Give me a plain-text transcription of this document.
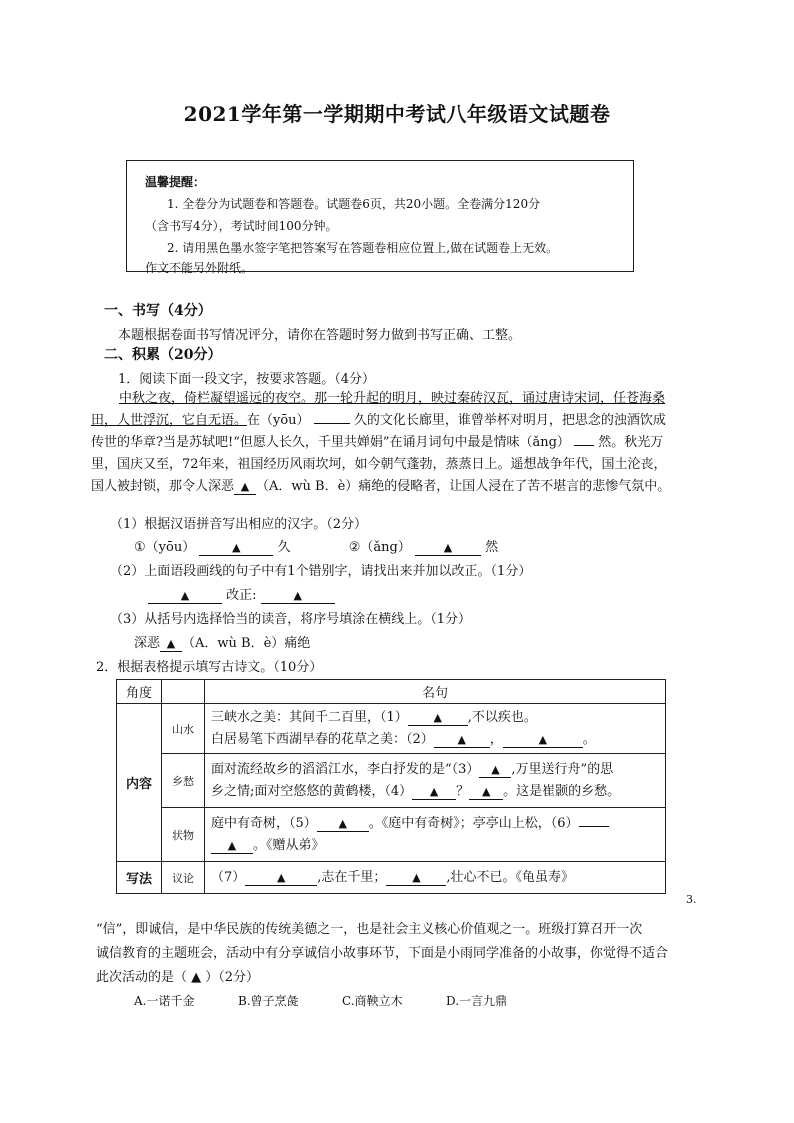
2021学年第一学期期中考试八年级语文试题卷
温馨提醒：
1. 全卷分为试题卷和答题卷。试题卷6页，共20小题。全卷满分120分
（含书写4分），考试时间100分钟。
2. 请用黑色墨水签字笔把答案写在答题卷相应位置上,做在试题卷上无效。
作文不能另外附纸。
一、书写（4分）
本题根据卷面书写情况评分，请你在答题时努力做到书写正确、工整。
二、积累（20分）
1．阅读下面一段文字，按要求答题。（4分）

中秋之夜，倚栏凝望遥远的夜空。那一轮升起的明月，映过秦砖汉瓦，诵过唐诗宋词，任苍海桑

田，人世浮沉，它自无语。在（yōu）	久的文化长廊里，谁曾举杯对明月，把思念的浊酒饮成

传世的华章?当是苏轼吧!“但愿人长久，千里共婵娟”在诵月词句中最是情味（ǎng） 然。秋光万

里，国庆又至，72年来，祖国经历风雨坎坷，如今朝气蓬勃，蒸蒸日上。遥想战争年代，国土沦丧，

国人被封锁，那令人深恶 ▲ （A．wù B．è）痛绝的侵略者，让国人浸在了苦不堪言的悲惨气氛中。

（1）根据汉语拼音写出相应的汉字。（2分）
①（yōu）	▲	久	②（ǎng）	▲	然
（2）上面语段画线的句子中有1个错别字，请找出来并加以改正。（1分）
▲	改正:	▲
（3）从括号内选择恰当的读音，将序号填涂在横线上。（1分）
深恶 ▲ （A．wù B．è）痛绝
2．根据表格提示填写古诗文。（10分）
角度		名句
内容	山水	三峡水之美：其间千二百里，（1） ▲ ,不以疾也。
白居易笔下西湖早春的花草之美：（2） ▲ ， ▲ 。

	乡愁	面对流经故乡的滔滔江水，李白抒发的是“（3） ▲ ,万里送行舟”的思
乡之情;面对空悠悠的黄鹤楼，（4） ▲ ？ ▲ 。这是崔颢的乡愁。

	状物	庭中有奇树，（5） ▲ 。《庭中有奇树》；亭亭山上松，（6）
▲ 。《赠从弟》

写法	议论	（7） ▲ ,志在千里； ▲ ,壮心不已。《龟虽寿》
3.
“信”，即诚信，是中华民族的传统美德之一，也是社会主义核心价值观之一。班级打算召开一次
诚信教育的主题班会，活动中有分享诚信小故事环节，下面是小雨同学准备的小故事，你觉得不适合
此次活动的是（ ▲ ）（2分）
A.一诺千金	B.曾子烹彘	C.商鞅立木	D.一言九鼎
